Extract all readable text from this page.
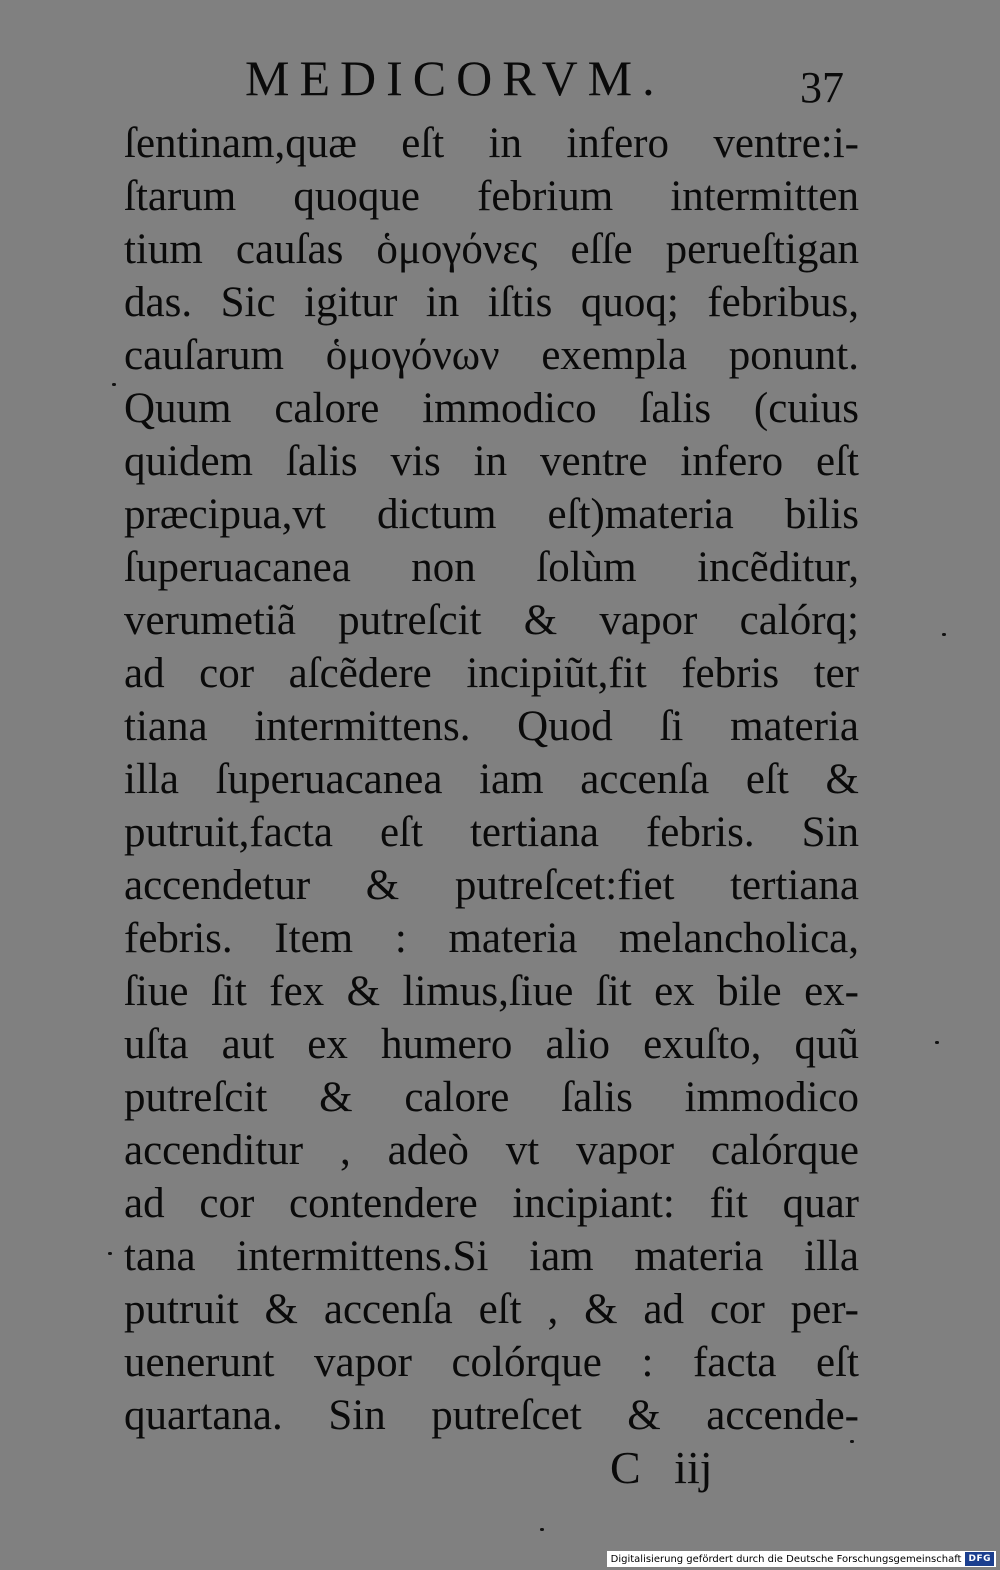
MEDICORVM.	37
ſentinam,quæ eſt in infero ventre:i-
ſtarum quoque febrium intermitten
tium cauſas ὁμογόνες eſſe perueſtigan
das. Sic igitur in iſtis quoq; febribus,
cauſarum ὁμογόνων exempla ponunt.
Quum calore immodico ſalis (cuius
quidem ſalis vis in ventre infero eſt
præcipua,vt dictum eſt)materia bilis
ſuperuacanea non ſolùm incẽditur,
verumetiã putreſcit & vapor calórq;
ad cor aſcẽdere incipiũt,fit febris ter
tiana intermittens. Quod ſi materia
illa ſuperuacanea iam accenſa eſt &
putruit,facta eſt tertiana febris. Sin
accendetur & putreſcet:fiet tertiana
febris. Item : materia melancholica,
ſiue ſit fex & limus,ſiue ſit ex bile ex-
uſta aut ex humero alio exuſto, quũ
putreſcit & calore ſalis immodico
accenditur , adeò vt vapor calórque
ad cor contendere incipiant: fit quar
tana intermittens.Si iam materia illa
putruit & accenſa eſt , & ad cor per-
uenerunt vapor colórque : facta eſt
quartana. Sin putreſcet & accende-
C iij
Digitalisierung gefördert durch die Deutsche Forschungsgemeinschaft DFG
